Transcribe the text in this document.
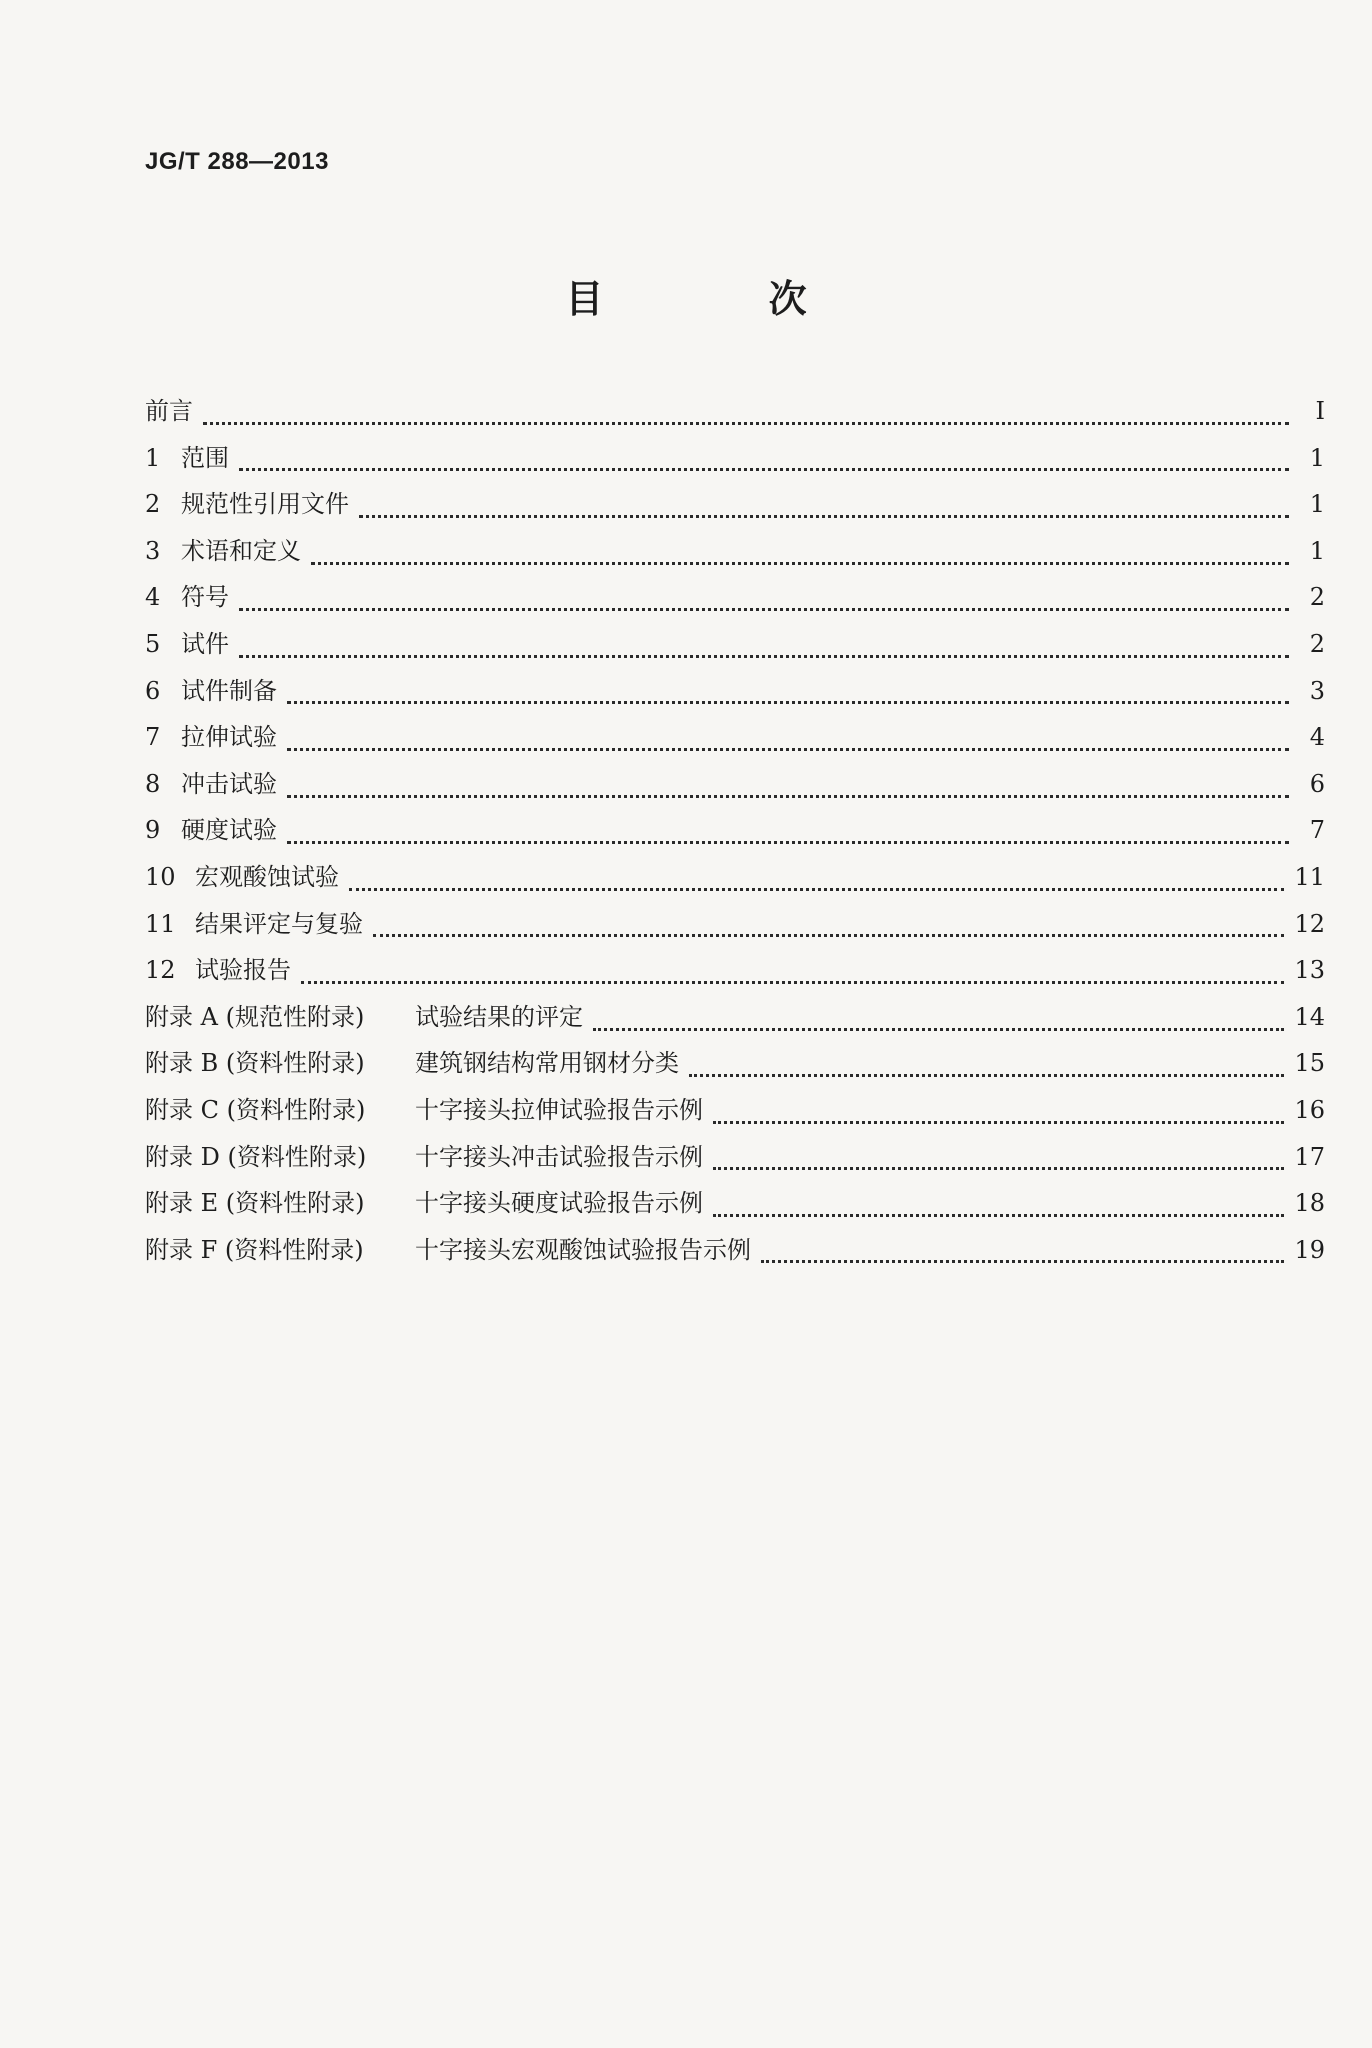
JG/T 288—2013
目 次
前言	Ⅰ
1 范围	1
2 规范性引用文件	1
3 术语和定义	1
4 符号	2
5 试件	2
6 试件制备	3
7 拉伸试验	4
8 冲击试验	6
9 硬度试验	7
10 宏观酸蚀试验	11
11 结果评定与复验	12
12 试验报告	13
附录 A (规范性附录)	试验结果的评定	14
附录 B (资料性附录)	建筑钢结构常用钢材分类	15
附录 C (资料性附录)	十字接头拉伸试验报告示例	16
附录 D (资料性附录)	十字接头冲击试验报告示例	17
附录 E (资料性附录)	十字接头硬度试验报告示例	18
附录 F (资料性附录)	十字接头宏观酸蚀试验报告示例	19
